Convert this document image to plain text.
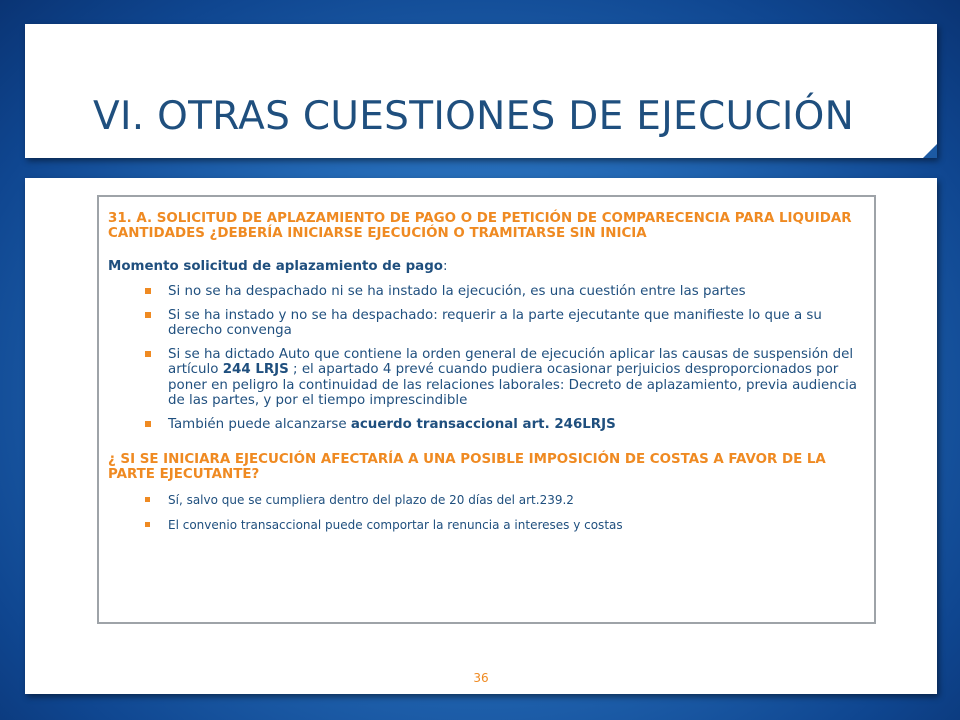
VI. OTRAS CUESTIONES DE EJECUCIÓN

31. A. SOLICITUD DE APLAZAMIENTO DE PAGO O DE PETICIÓN DE COMPARECENCIA PARA LIQUIDAR CANTIDADES ¿DEBERÍA INICIARSE EJECUCIÓN O TRAMITARSE SIN INICIA

Momento solicitud de aplazamiento de pago:

Si no se ha despachado ni se ha instado la ejecución, es una cuestión entre las partes
Si se ha instado y no se ha despachado: requerir a la parte ejecutante que manifieste lo que a su derecho convenga
Si se ha dictado Auto que contiene la orden general de ejecución aplicar las causas de suspensión del artículo 244 LRJS ; el apartado 4 prevé cuando pudiera ocasionar perjuicios desproporcionados por poner en peligro la continuidad de las relaciones laborales: Decreto de aplazamiento, previa audiencia de las partes, y por el tiempo imprescindible
También puede alcanzarse acuerdo transaccional art. 246LRJS

¿ SI SE INICIARA EJECUCIÓN AFECTARÍA A UNA POSIBLE IMPOSICIÓN DE COSTAS A FAVOR DE LA PARTE EJECUTANTE?

Sí, salvo que se cumpliera dentro del plazo de 20 días del art.239.2
El convenio transaccional puede comportar la renuncia a intereses y costas
36
